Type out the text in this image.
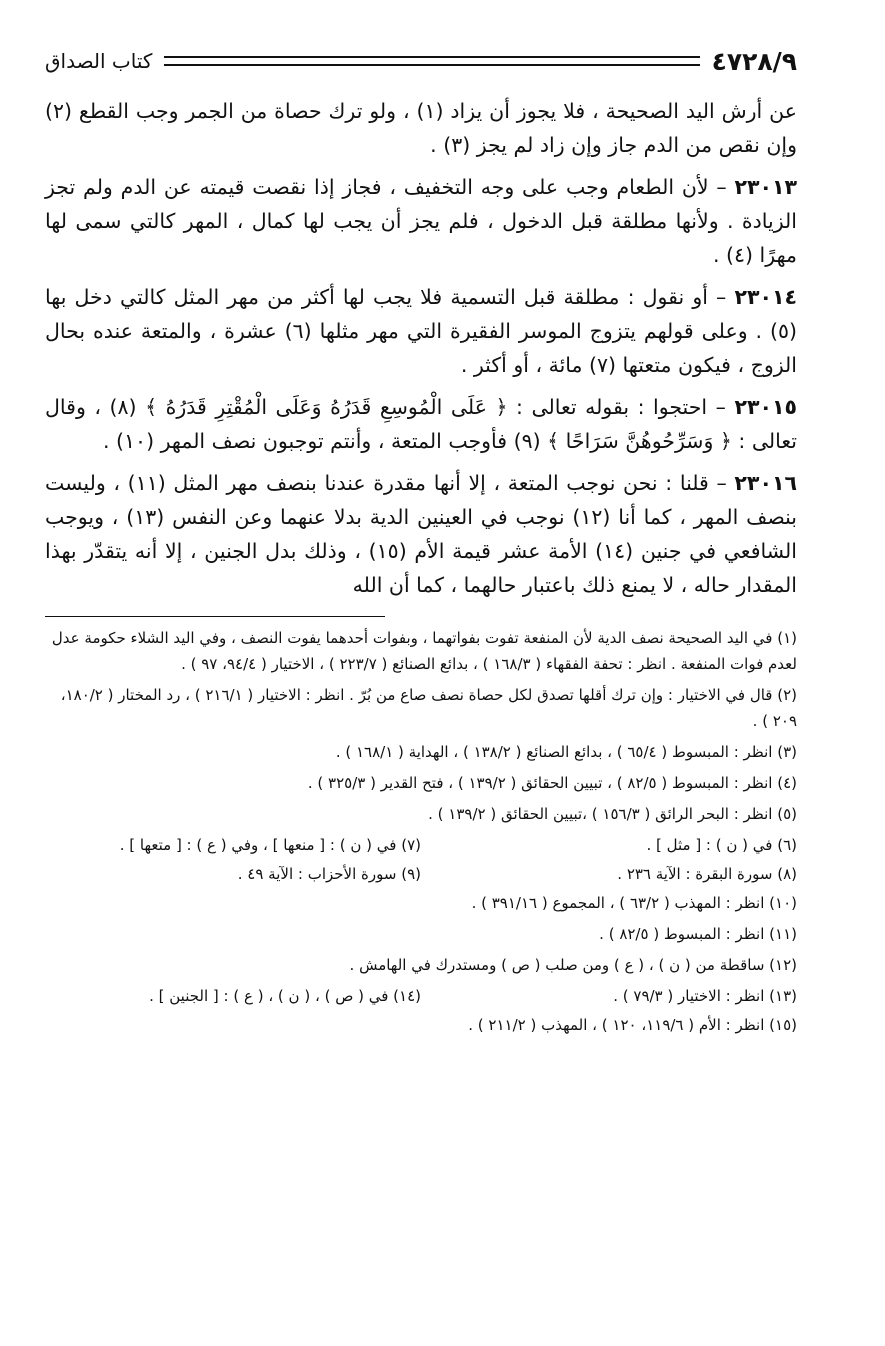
٤٧٢٨/٩
كتاب الصداق

عن أرش اليد الصحيحة ، فلا يجوز أن يزاد (١) ، ولو ترك حصاة من الجمر وجب القطع (٢) وإن نقص من الدم جاز وإن زاد لم يجز (٣) .

٢٣٠١٣ – لأن الطعام وجب على وجه التخفيف ، فجاز إذا نقصت قيمته عن الدم ولم تجز الزيادة . ولأنها مطلقة قبل الدخول ، فلم يجز أن يجب لها كمال ، المهر كالتي سمى لها مهرًا (٤) .

٢٣٠١٤ – أو نقول : مطلقة قبل التسمية فلا يجب لها أكثر من مهر المثل كالتي دخل بها (٥) . وعلى قولهم يتزوج الموسر الفقيرة التي مهر مثلها (٦) عشرة ، والمتعة عنده بحال الزوج ، فيكون متعتها (٧) مائة ، أو أكثر .

٢٣٠١٥ – احتجوا : بقوله تعالى : ﴿ عَلَى الْمُوسِعِ قَدَرُهُ وَعَلَى الْمُقْتِرِ قَدَرُهُ ﴾ (٨) ، وقال تعالى : ﴿ وَسَرِّحُوهُنَّ سَرَاحًا ﴾ (٩) فأوجب المتعة ، وأنتم توجبون نصف المهر (١٠) .

٢٣٠١٦ – قلنا : نحن نوجب المتعة ، إلا أنها مقدرة عندنا بنصف مهر المثل (١١) ، وليست بنصف المهر ، كما أنا (١٢) نوجب في العينين الدية بدلا عنهما وعن النفس (١٣) ، ويوجب الشافعي في جنين (١٤) الأمة عشر قيمة الأم (١٥) ، وذلك بدل الجنين ، إلا أنه يتقدّر بهذا المقدار حاله ، لا يمنع ذلك باعتبار حالهما ، كما أن الله

(١) في اليد الصحيحة نصف الدية لأن المنفعة تفوت بفواتهما ، وبفوات أحدهما يفوت النصف ، وفي اليد الشلاء حكومة عدل لعدم فوات المنفعة . انظر : تحفة الفقهاء ( ١٦٨/٣ ) ، بدائع الصنائع ( ٢٢٣/٧ ) ، الاختيار ( ٩٤/٤، ٩٧ ) .

(٢) قال في الاختيار : وإن ترك أقلها تصدق لكل حصاة نصف صاع من بُرّ . انظر : الاختيار ( ٢١٦/١ ) ، رد المختار ( ١٨٠/٢، ٢٠٩ ) .

(٣) انظر : المبسوط ( ٦٥/٤ ) ، بدائع الصنائع ( ١٣٨/٢ ) ، الهداية ( ١٦٨/١ ) .

(٤) انظر : المبسوط ( ٨٢/٥ ) ، تبيين الحقائق ( ١٣٩/٢ ) ، فتح القدير ( ٣٢٥/٣ ) .

(٥) انظر : البحر الرائق ( ١٥٦/٣ ) ،تبيين الحقائق ( ١٣٩/٢ ) .

(٦) في ( ن ) : [ مثل ] .
(٧) في ( ن ) : [ منعها ] ، وفي ( ع ) : [ متعها ] .
(٨) سورة البقرة : الآية ٢٣٦ .
(٩) سورة الأحزاب : الآية ٤٩ .

(١٠) انظر : المهذب ( ٦٣/٢ ) ، المجموع ( ٣٩١/١٦ ) .

(١١) انظر : المبسوط ( ٨٢/٥ ) .

(١٢) ساقطة من ( ن ) ، ( ع ) ومن صلب ( ص ) ومستدرك في الهامش .

(١٣) انظر : الاختيار ( ٧٩/٣ ) .
(١٤) في ( ص ) ، ( ن ) ، ( ع ) : [ الجنين ] .

(١٥) انظر : الأم ( ١١٩/٦، ١٢٠ ) ، المهذب ( ٢١١/٢ ) .
